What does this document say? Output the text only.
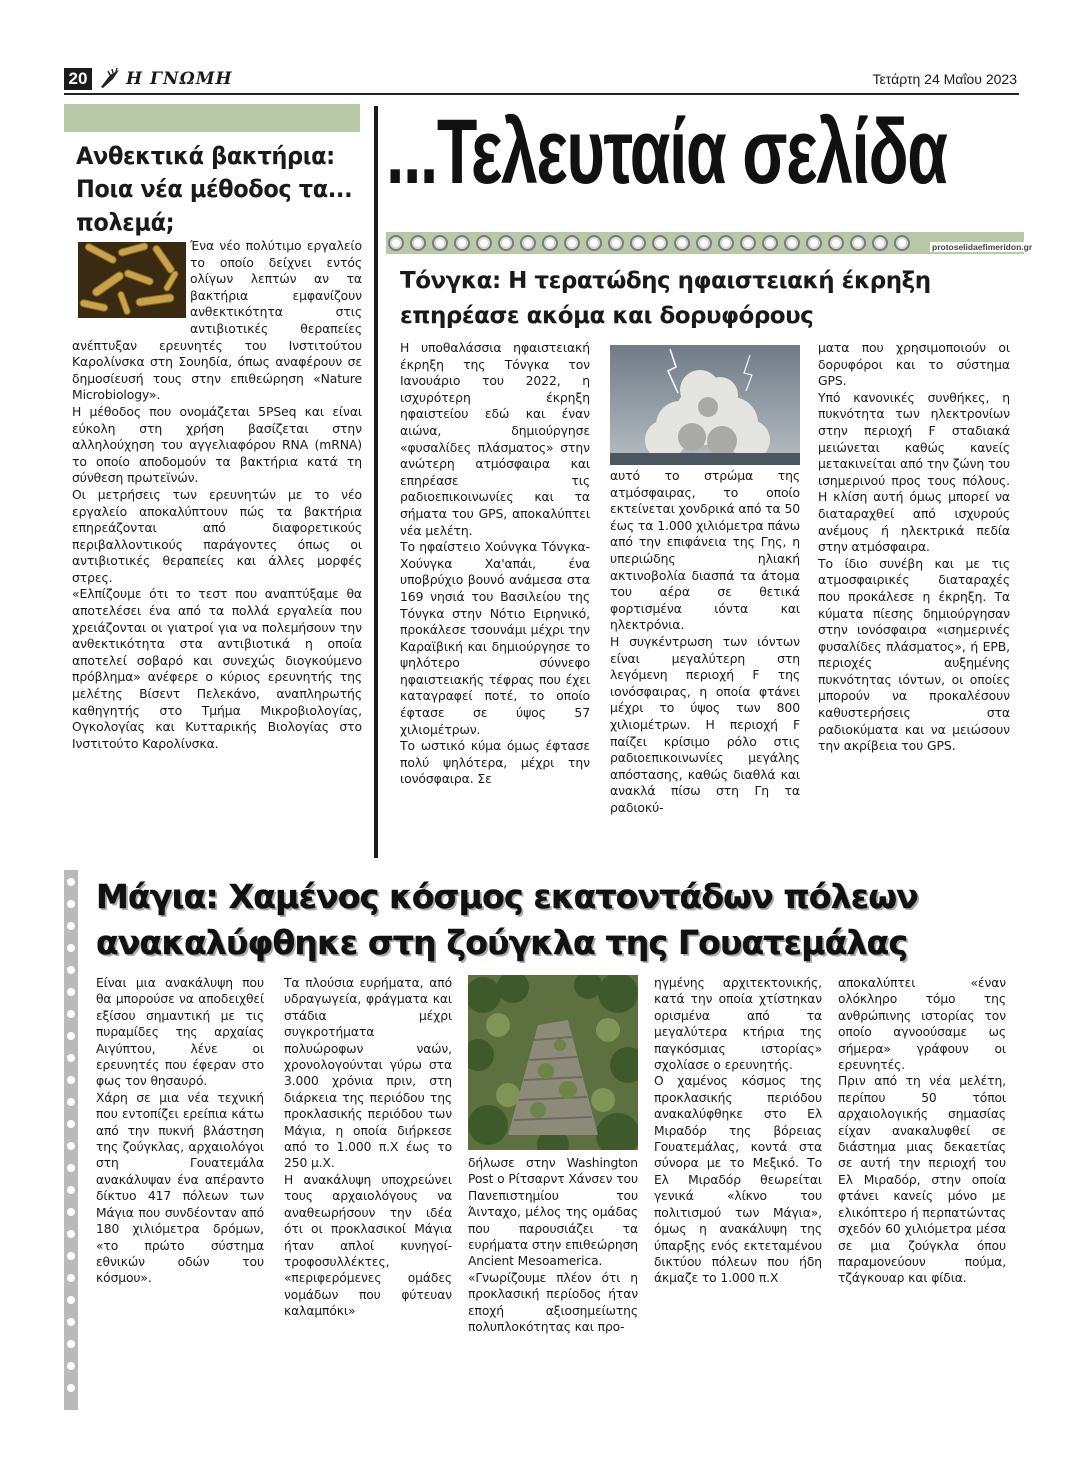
20 Η ΓΝΩΜΗ	Τετάρτη 24 Μαΐου 2023
Ανθεκτικά βακτήρια:
Ποια νέα μέθοδος τα...
πολεμά;

Ένα νέο πολύτιμο εργαλείο το οποίο δείχνει εντός ολίγων λεπτών αν τα βακτήρια εμφανίζουν ανθεκτικότητα στις αντιβιοτικές θεραπείες ανέπτυξαν ερευνητές του Ινστιτούτου Καρολίνσκα στη Σουηδία, όπως αναφέρουν σε δημοσίευσή τους στην επιθεώρηση «Nature Microbiology».

Η μέθοδος που ονομάζεται 5PSeq και είναι εύκολη στη χρήση βασίζεται στην αλληλούχηση του αγγελιαφόρου RNA (mRNA) το οποίο αποδομούν τα βακτήρια κατά τη σύνθεση πρωτεϊνών.

Οι μετρήσεις των ερευνητών με το νέο εργαλείο αποκαλύπτουν πώς τα βακτήρια επηρεάζονται από διαφορετικούς περιβαλλοντικούς παράγοντες όπως οι αντιβιοτικές θεραπείες και άλλες μορφές στρες.

«Ελπίζουμε ότι το τεστ που αναπτύξαμε θα αποτελέσει ένα από τα πολλά εργαλεία που χρειάζονται οι γιατροί για να πολεμήσουν την ανθεκτικότητα στα αντιβιοτικά η οποία αποτελεί σοβαρό και συνεχώς διογκούμενο πρόβλημα» ανέφερε ο κύριος ερευνητής της μελέτης Βίσεντ Πελεκάνο, αναπληρωτής καθηγητής στο Τμήμα Μικροβιολογίας, Ογκολογίας και Κυτταρικής Βιολογίας στο Ινστιτούτο Καρολίνσκα.

...Τελευταία σελίδα
protoselidaefimeridon.gr
Τόνγκα: Η τερατώδης ηφαιστειακή έκρηξη
επηρέασε ακόμα και δορυφόρους

Η υποθαλάσσια ηφαιστειακή έκρηξη της Τόνγκα τον Ιανουάριο του 2022, η ισχυρότερη έκρηξη ηφαιστείου εδώ και έναν αιώνα, δημιούργησε «φυσαλίδες πλάσματος» στην ανώτερη ατμόσφαιρα και επηρέασε τις ραδιοεπικοινωνίες και τα σήματα του GPS, αποκαλύπτει νέα μελέτη.

Το ηφαίστειο Χούνγκα Τόνγκα-Χούνγκα Χα'απάι, ένα υποβρύχιο βουνό ανάμεσα στα 169 νησιά του Βασιλείου της Τόνγκα στην Νότιο Ειρηνικό, προκάλεσε τσουνάμι μέχρι την Καραϊβική και δημιούργησε το ψηλότερο σύννεφο ηφαιστειακής τέφρας που έχει καταγραφεί ποτέ, το οποίο έφτασε σε ύψος 57 χιλιομέτρων.

Το ωστικό κύμα όμως έφτασε πολύ ψηλότερα, μέχρι την ιονόσφαιρα. Σε

αυτό το στρώμα της ατμόσφαιρας, το οποίο εκτείνεται χονδρικά από τα 50 έως τα 1.000 χιλιόμετρα πάνω από την επιφάνεια της Γης, η υπεριώδης ηλιακή ακτινοβολία διασπά τα άτομα του αέρα σε θετικά φορτισμένα ιόντα και ηλεκτρόνια.

Η συγκέντρωση των ιόντων είναι μεγαλύτερη στη λεγόμενη περιοχή F της ιονόσφαιρας, η οποία φτάνει μέχρι το ύψος των 800 χιλιομέτρων. Η περιοχή F παίζει κρίσιμο ρόλο στις ραδιοεπικοινωνίες μεγάλης απόστασης, καθώς διαθλά και ανακλά πίσω στη Γη τα ραδιοκύ-

ματα που χρησιμοποιούν οι δορυφόροι και το σύστημα GPS.

Υπό κανονικές συνθήκες, η πυκνότητα των ηλεκτρονίων στην περιοχή F σταδιακά μειώνεται καθώς κανείς μετακινείται από την ζώνη του ισημερινού προς τους πόλους. Η κλίση αυτή όμως μπορεί να διαταραχθεί από ισχυρούς ανέμους ή ηλεκτρικά πεδία στην ατμόσφαιρα.

Το ίδιο συνέβη και με τις ατμοσφαιρικές διαταραχές που προκάλεσε η έκρηξη. Τα κύματα πίεσης δημιούργησαν στην ιονόσφαιρα «ισημερινές φυσαλίδες πλάσματος», ή EPB, περιοχές αυξημένης πυκνότητας ιόντων, οι οποίες μπορούν να προκαλέσουν καθυστερήσεις στα ραδιοκύματα και να μειώσουν την ακρίβεια του GPS.

Μάγια: Χαμένος κόσμος εκατοντάδων πόλεων
ανακαλύφθηκε στη ζούγκλα της Γουατεμάλας

Είναι μια ανακάλυψη που θα μπορούσε να αποδειχθεί εξίσου σημαντική με τις πυραμίδες της αρχαίας Αιγύπτου, λένε οι ερευνητές που έφεραν στο φως τον θησαυρό.

Χάρη σε μια νέα τεχνική που εντοπίζει ερείπια κάτω από την πυκνή βλάστηση της ζούγκλας, αρχαιολόγοι στη Γουατεμάλα ανακάλυψαν ένα απέραντο δίκτυο 417 πόλεων των Μάγια που συνδέονταν από 180 χιλιόμετρα δρόμων, «το πρώτο σύστημα εθνικών οδών του κόσμου».

Τα πλούσια ευρήματα, από υδραγωγεία, φράγματα και στάδια μέχρι συγκροτήματα πολυώροφων ναών, χρονολογούνται γύρω στα 3.000 χρόνια πριν, στη διάρκεια της περιόδου της προκλασικής περιόδου των Μάγια, η οποία διήρκεσε από το 1.000 π.Χ έως το 250 μ.Χ.

Η ανακάλυψη υποχρεώνει τους αρχαιολόγους να αναθεωρήσουν την ιδέα ότι οι προκλασικοί Μάγια ήταν απλοί κυνηγοί-τροφοσυλλέκτες, «περιφερόμενες ομάδες νομάδων που φύτευαν καλαμπόκι»

δήλωσε στην Washington Post ο Ρίτσαρντ Χάνσεν του Πανεπιστημίου του Άινταχο, μέλος της ομάδας που παρουσιάζει τα ευρήματα στην επιθεώρηση Ancient Mesoamerica.

«Γνωρίζουμε πλέον ότι η προκλασική περίοδος ήταν εποχή αξιοσημείωτης πολυπλοκότητας και προ-

ηγμένης αρχιτεκτονικής, κατά την οποία χτίστηκαν ορισμένα από τα μεγαλύτερα κτήρια της παγκόσμιας ιστορίας» σχολίασε ο ερευνητής.

Ο χαμένος κόσμος της προκλασικής περιόδου ανακαλύφθηκε στο Ελ Μιραδόρ της βόρειας Γουατεμάλας, κοντά στα σύνορα με το Μεξικό. Το Ελ Μιραδόρ θεωρείται γενικά «λίκνο του πολιτισμού των Μάγια», όμως η ανακάλυψη της ύπαρξης ενός εκτεταμένου δικτύου πόλεων που ήδη άκμαζε το 1.000 π.Χ

αποκαλύπτει «έναν ολόκληρο τόμο της ανθρώπινης ιστορίας τον οποίο αγνοούσαμε ως σήμερα» γράφουν οι ερευνητές.

Πριν από τη νέα μελέτη, περίπου 50 τόποι αρχαιολογικής σημασίας είχαν ανακαλυφθεί σε διάστημα μιας δεκαετίας σε αυτή την περιοχή του Ελ Μιραδόρ, στην οποία φτάνει κανείς μόνο με ελικόπτερο ή περπατώντας σχεδόν 60 χιλιόμετρα μέσα σε μια ζούγκλα όπου παραμονεύουν πούμα, τζάγκουαρ και φίδια.
